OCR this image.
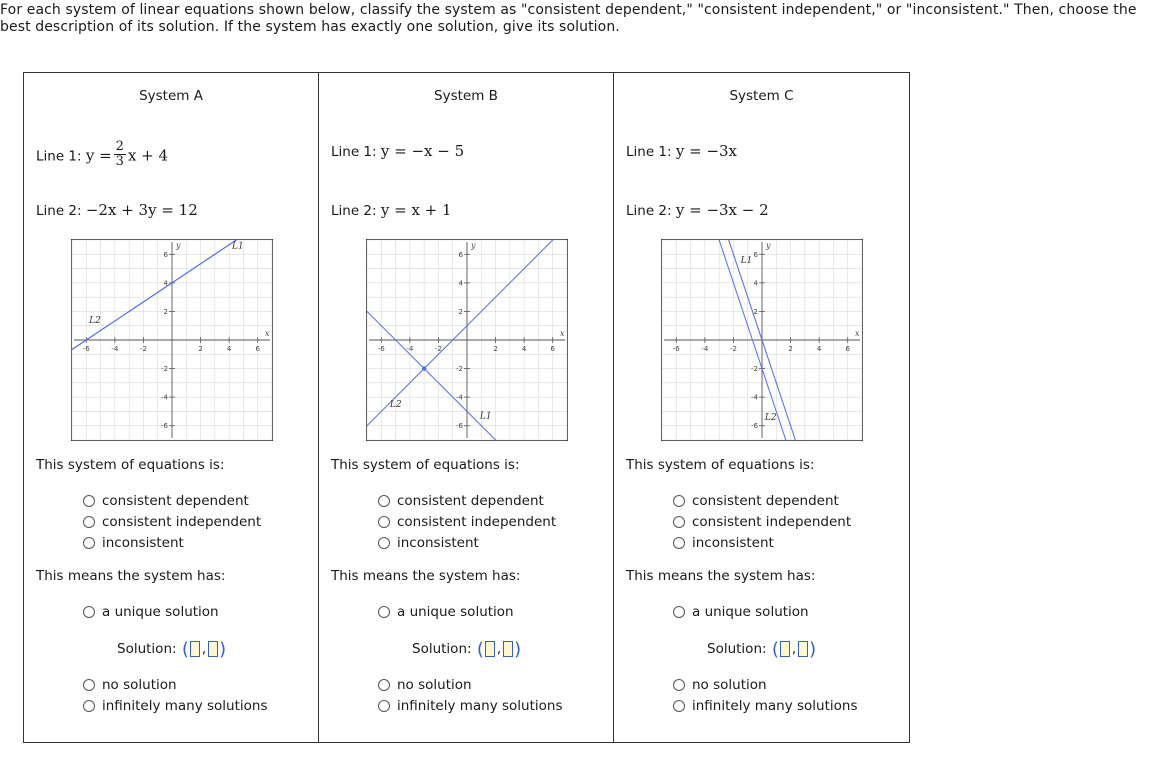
For each system of linear equations shown below, classify the system as "consistent dependent," "consistent independent," or "inconsistent." Then, choose the best description of its solution. If the system has exactly one solution, give its solution.
System A
Line 1: $y = \frac{2}{3}$ x + 4
Line 2: −2x + 3y = 12
-6
-6
-4
-4
-2
-2
2
2
4
4
6
6
x
y	L1
L2
This system of equations is:
consistent dependent
consistent independent
inconsistent
This means the system has:
a unique solution
Solution:
( , )
no solution
infinitely many solutions
System B
Line 1: y = −x − 5
Line 2: y = x + 1
-6
-6
-4
-4
-2
-2
2
2
4
4
6
6
x
y
L1
L2
This system of equations is:
consistent dependent
consistent independent
inconsistent
This means the system has:
a unique solution
Solution:
( , )
no solution
infinitely many solutions
System C
Line 1: y = −3x
Line 2: y = −3x − 2
-6
-6
-4
-4
-2
-2
2
2
4
4
6
6
x
y
L1
L2
This system of equations is:
consistent dependent
consistent independent
inconsistent
This means the system has:
a unique solution
Solution:
( , )
no solution
infinitely many solutions
